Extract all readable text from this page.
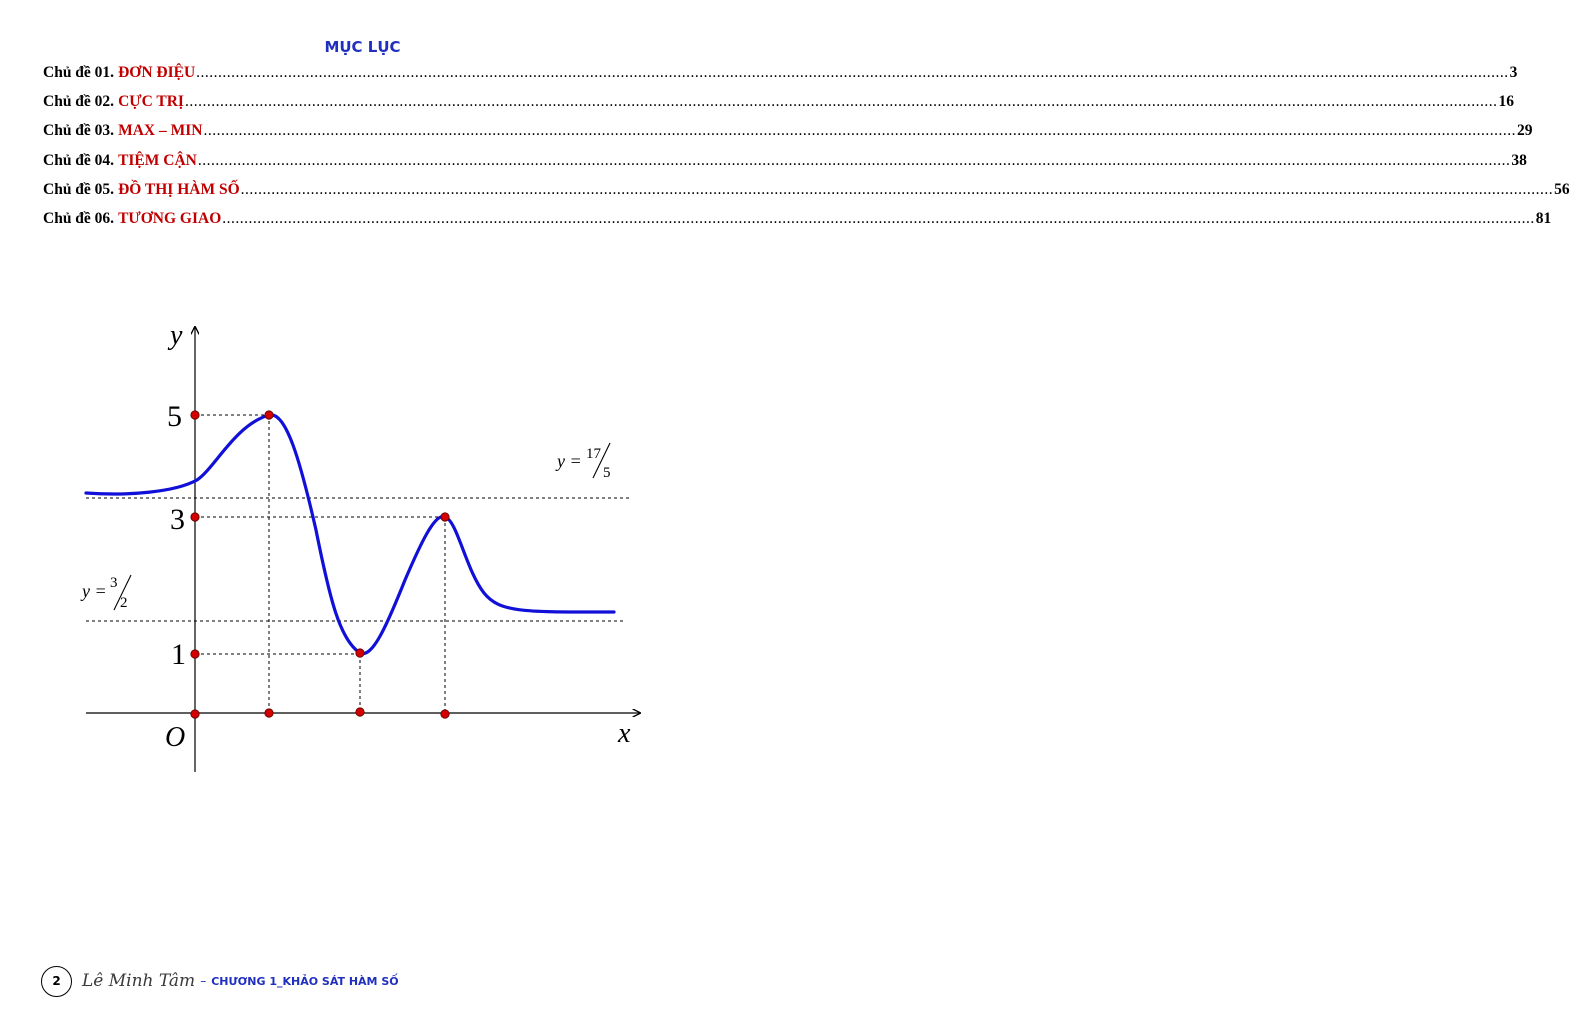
MỤC LỤC
Chủ đề 01. ĐƠN ĐIỆU ............................................................................................................................................................................................................................................................................................................ 3
Chủ đề 02. CỰC TRỊ ............................................................................................................................................................................................................................................................................................................ 16
Chủ đề 03. MAX – MIN ............................................................................................................................................................................................................................................................................................................ 29
Chủ đề 04. TIỆM CẬN ............................................................................................................................................................................................................................................................................................................ 38
Chủ đề 05. ĐỒ THỊ HÀM SỐ ............................................................................................................................................................................................................................................................................................................ 56
Chủ đề 06. TƯƠNG GIAO ............................................................................................................................................................................................................................................................................................................ 81
y
x
O
5
3
1
y = 17
5
y = 3
2
2	Lê Minh Tâm – CHƯƠNG 1_KHẢO SÁT HÀM SỐ
